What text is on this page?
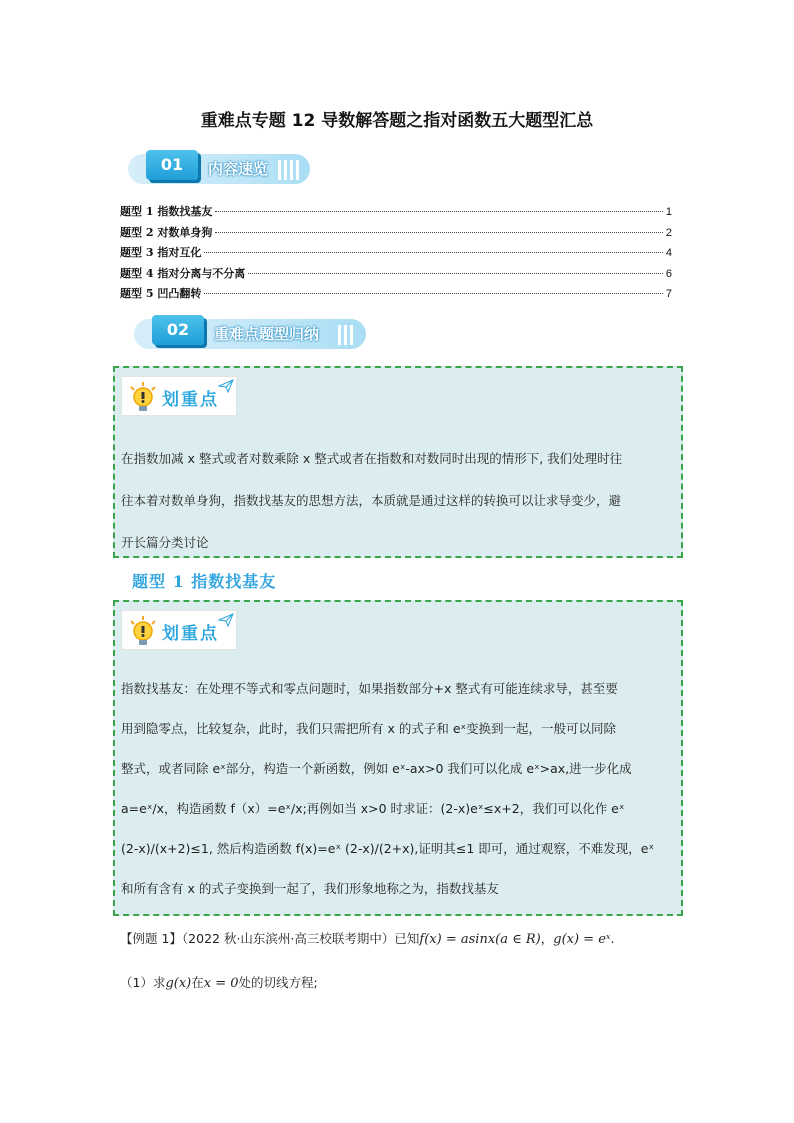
重难点专题 12 导数解答题之指对函数五大题型汇总
01	内容速览
题型 1 指数找基友	1
题型 2 对数单身狗	2
题型 3 指对互化	4
题型 4 指对分离与不分离	6
题型 5 凹凸翻转	7
02	重难点题型归纳
划重点

在指数加减 x 整式或者对数乘除 x 整式或者在指数和对数同时出现的情形下, 我们处理时往

往本着对数单身狗，指数找基友的思想方法，本质就是通过这样的转换可以让求导变少，避

开长篇分类讨论

题型 1 指数找基友
划重点

指数找基友：在处理不等式和零点问题时，如果指数部分+x 整式有可能连续求导，甚至要

用到隐零点，比较复杂，此时，我们只需把所有 x 的式子和 eˣ变换到一起，一般可以同除

整式，或者同除 eˣ部分，构造一个新函数，例如 eˣ-ax>0 我们可以化成 eˣ>ax,进一步化成

a=eˣ/x，构造函数 f（x）=eˣ/x;再例如当 x>0 时求证：(2-x)eˣ≤x+2，我们可以化作 eˣ

(2-x)/(x+2)≤1, 然后构造函数 f(x)=eˣ (2-x)/(2+x),证明其≤1 即可，通过观察，不难发现，eˣ

和所有含有 x 的式子变换到一起了，我们形象地称之为，指数找基友

【例题 1】（2022 秋·山东滨州·高三校联考期中）已知f(x) = asinx(a ∈ R)，g(x) = eˣ.
（1）求g(x)在x = 0处的切线方程;
